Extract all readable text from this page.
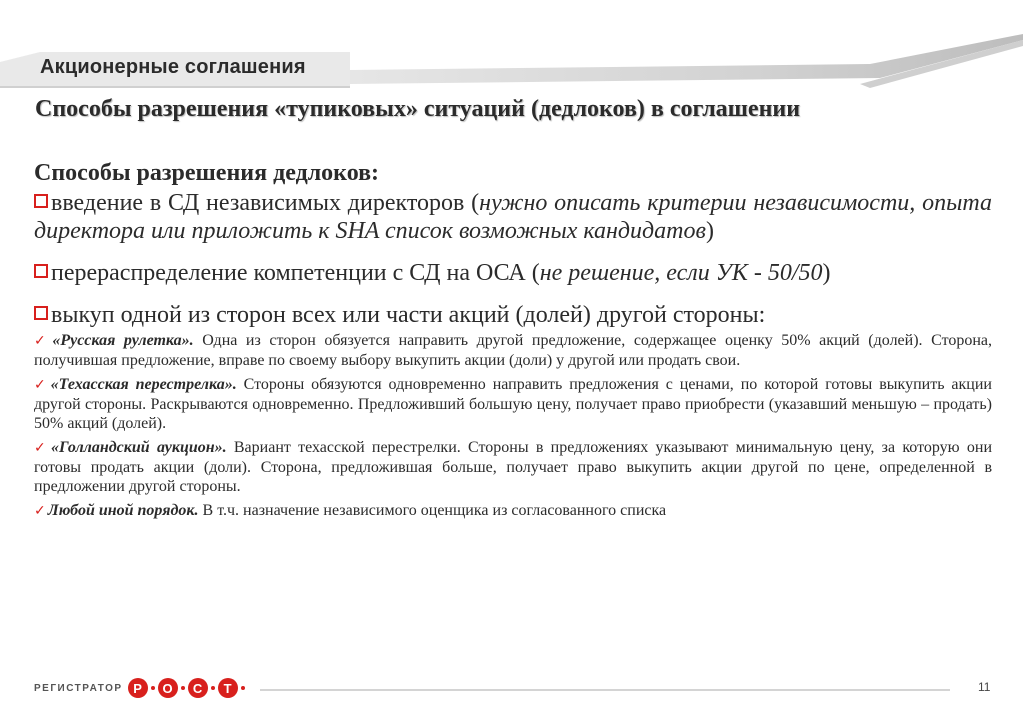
Акционерные соглашения
Способы разрешения «тупиковых» ситуаций (дедлоков) в соглашении
Способы разрешения дедлоков:
введение в СД независимых директоров (нужно описать критерии независимости, опыта директора или приложить к SHA список возможных кандидатов)
перераспределение компетенции с СД на ОСА (не решение, если УК - 50/50)
выкуп одной из сторон всех или части акций (долей) другой стороны:
✓ «Русская рулетка». Одна из сторон обязуется направить другой предложение, содержащее оценку 50% акций (долей). Сторона, получившая предложение, вправе по своему выбору выкупить акции (доли) у другой или продать свои.
✓ «Техасская перестрелка». Стороны обязуются одновременно направить предложения с ценами, по которой готовы выкупить акции другой стороны. Раскрываются одновременно. Предложивший большую цену, получает право приобрести (указавший меньшую – продать) 50% акций (долей).
✓ «Голландский аукцион». Вариант техасской перестрелки. Стороны в предложениях указывают минимальную цену, за которую они готовы продать акции (доли). Сторона, предложившая больше, получает право выкупить акции другой по цене, определенной в предложении другой стороны.
✓ Любой иной порядок. В т.ч. назначение независимого оценщика из согласованного списка
РЕГИСТРАТОР Р	О	С	Т	11
